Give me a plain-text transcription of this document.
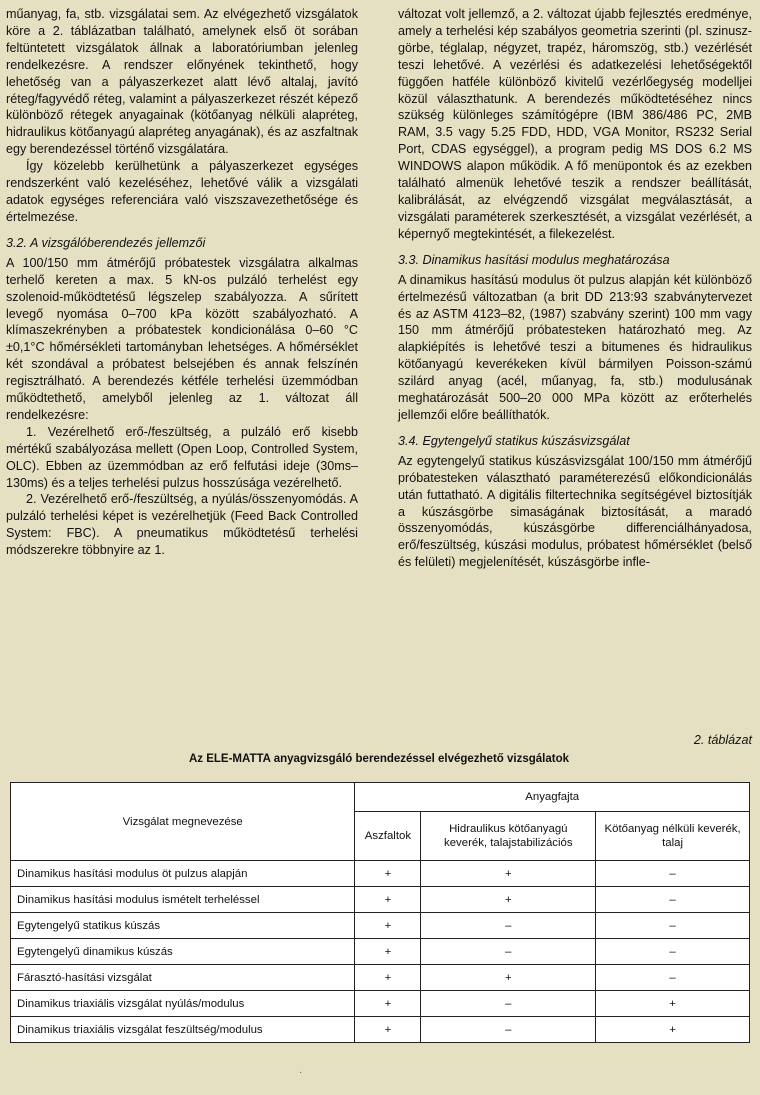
műanyag, fa, stb. vizsgálatai sem. Az elvégezhető vizsgálatok köre a 2. táblázatban található, amelynek első öt sorában feltüntetett vizsgálatok állnak a laboratóriumban jelenleg rendelkezésre. A rendszer előnyének tekinthető, hogy lehetőség van a pályaszerkezet alatt lévő altalaj, javító réteg/fagyvédő réteg, valamint a pályaszerkezet részét képező különböző rétegek anyagainak (kötőanyag nélküli alapréteg, hidraulikus kötőanyagú alapréteg anyagának), és az aszfaltnak egy berendezéssel történő vizsgálatára.

Így közelebb kerülhetünk a pályaszerkezet egységes rendszerként való kezeléséhez, lehetővé válik a vizsgálati adatok egységes referenciára való viszszavezethetősége és értelmezése.

3.2. A vizsgálóberendezés jellemzői

A 100/150 mm átmérőjű próbatestek vizsgálatra alkalmas terhelő kereten a max. 5 kN-os pulzáló terhelést egy szolenoid-működtetésű légszelep szabályozza. A sűrített levegő nyomása 0–700 kPa között szabályozható. A klímaszekrényben a próbatestek kondicionálása 0–60 °C ±0,1°C hőmérsékleti tartományban lehetséges. A hőmérséklet két szondával a próbatest belsejében és annak felszínén regisztrálható. A berendezés kétféle terhelési üzemmódban működtethető, amelyből jelenleg az 1. változat áll rendelkezésre:

1. Vezérelhető erő-/feszültség, a pulzáló erő kisebb mértékű szabályozása mellett (Open Loop, Controlled System, OLC). Ebben az üzemmódban az erő felfutási ideje (30ms–130ms) és a teljes terhelési pulzus hosszúsága vezérelhető.

2. Vezérelhető erő-/feszültség, a nyúlás/összenyomódás. A pulzáló terhelési képet is vezérelhetjük (Feed Back Controlled System: FBC). A pneumatikus működtetésű terhelési módszerekre többnyire az 1.

változat volt jellemző, a 2. változat újabb fejlesztés eredménye, amely a terhelési kép szabályos geometria szerinti (pl. szinusz-görbe, téglalap, négyzet, trapéz, háromszög, stb.) vezérlését teszi lehetővé. A vezérlési és adatkezelési lehetőségektől függően hatféle különböző kivitelű vezérlőegység modelljei közül választhatunk. A berendezés működtetéséhez nincs szükség különleges számítógépre (IBM 386/486 PC, 2MB RAM, 3.5 vagy 5.25 FDD, HDD, VGA Monitor, RS232 Serial Port, CDAS egységgel), a program pedig MS DOS 6.2 MS WINDOWS alapon működik. A fő menüpontok és az ezekben található almenük lehetővé teszik a rendszer beállítását, kalibrálását, az elvégzendő vizsgálat megválasztását, a vizsgálati paraméterek szerkesztését, a vizsgálat vezérlését, a képernyő megtekintését, a filekezelést.

3.3. Dinamikus hasítási modulus meghatározása

A dinamikus hasítású modulus öt pulzus alapján két különböző értelmezésű változatban (a brit DD 213:93 szabványtervezet és az ASTM 4123–82, (1987) szabvány szerint) 100 mm vagy 150 mm átmérőjű próbatesteken határozható meg. Az alapkiépítés is lehetővé teszi a bitumenes és hidraulikus kötőanyagú keverékeken kívül bármilyen Poisson-számú szilárd anyag (acél, műanyag, fa, stb.) modulusának meghatározását 500–20 000 MPa között az erőterhelés jellemzői előre beállíthatók.

3.4. Egytengelyű statikus kúszásvizsgálat

Az egytengelyű statikus kúszásvizsgálat 100/150 mm átmérőjű próbatesteken választható paraméterezésű előkondicionálás után futtatható. A digitális filtertechnika segítségével biztosítják a kúszásgörbe simaságának biztosítását, a maradó összenyomódás, kúszásgörbe differenciálhányadosa, erő/feszültség, kúszási modulus, próbatest hőmérséklet (belső és felületi) megjelenítését, kúszásgörbe infle-

2. táblázat
Az ELE-MATTA anyagvizsgáló berendezéssel elvégezhető vizsgálatok
Vizsgálat megnevezése	Anyagfajta		
	Aszfaltok	Hidraulikus kötőanyagú keverék, talajstabilizációs	Kötőanyag nélküli keverék, talaj
Dinamikus hasítási modulus öt pulzus alapján	+	+	–
Dinamikus hasítási modulus ismételt terheléssel	+	+	–
Egytengelyű statikus kúszás	+	–	–
Egytengelyű dinamikus kúszás	+	–	–
Fárasztó-hasítási vizsgálat	+	+	–
Dinamikus triaxiális vizsgálat nyúlás/modulus	+	–	+
Dinamikus triaxiális vizsgálat feszültség/modulus	+	–	+
·
